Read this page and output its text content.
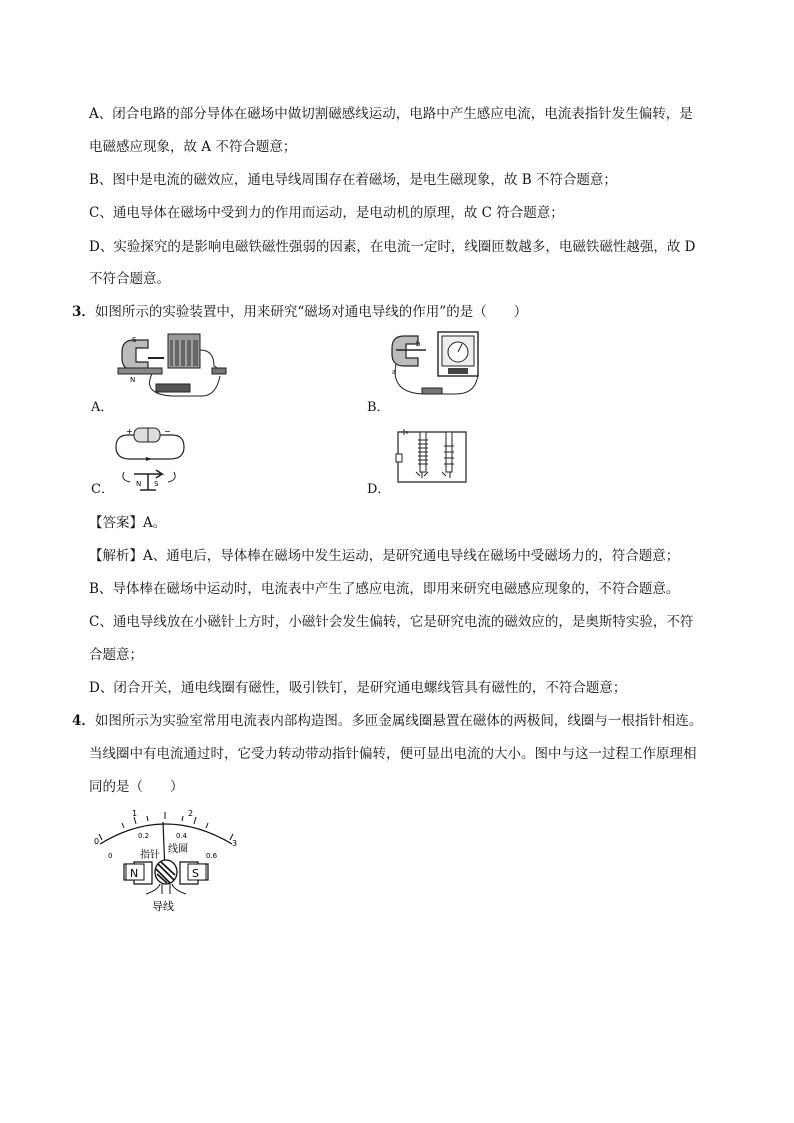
A、闭合电路的部分导体在磁场中做切割磁感线运动，电路中产生感应电流，电流表指针发生偏转，是
电磁感应现象，故 A 不符合题意；
B、图中是电流的磁效应，通电导线周围存在着磁场，是电生磁现象，故 B 不符合题意；
C、通电导体在磁场中受到力的作用而运动，是电动机的原理，故 C 符合题意；
D、实验探究的是影响电磁铁磁性强弱的因素，在电流一定时，线圈匝数越多，电磁铁磁性越强，故 D
不符合题意。
3．如图所示的实验装置中，用来研究“磁场对通电导线的作用”的是（　　）
S
N
A．
b
a
B．
+	−
N S
C．	D．
【答案】A。
【解析】A、通电后，导体棒在磁场中发生运动，是研究通电导线在磁场中受磁场力的，符合题意；
B、导体棒在磁场中运动时，电流表中产生了感应电流，即用来研究电磁感应现象的，不符合题意。
C、通电导线放在小磁针上方时，小磁针会发生偏转，它是研究电流的磁效应的，是奥斯特实验，不符
合题意；
D、闭合开关，通电线圈有磁性，吸引铁钉，是研究通电螺线管具有磁性的，不符合题意；
4．如图所示为实验室常用电流表内部构造图。多匝金属线圈悬置在磁体的两极间，线圈与一根指针相连。
当线圈中有电流通过时，它受力转动带动指针偏转，便可显出电流的大小。图中与这一过程工作原理相
同的是（　　）
0
1	2
3
0
0.2	0.4
0.6
指针
线圈
N	S
导线
